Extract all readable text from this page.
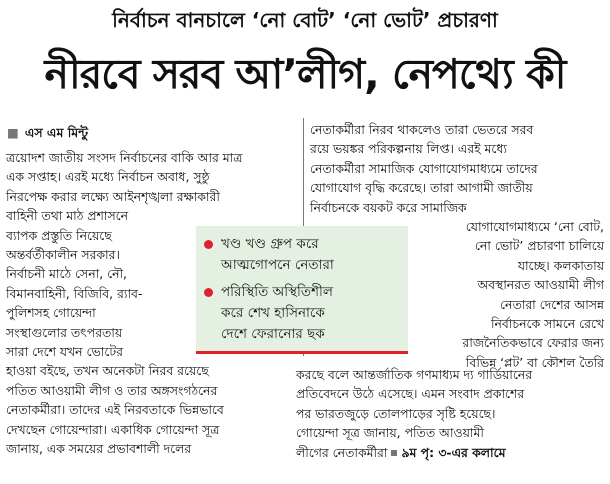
নির্বাচন বানচালে ‘নো বোট’ ‘নো ভোট’ প্রচারণা
নীরবে সরব আ’লীগ, নেপথ্যে কী
■ এস এম মিন্টু

ত্রয়োদশ জাতীয় সংসদ নির্বাচনের বাকি আর মাত্র

এক সপ্তাহ। এরই মধ্যে নির্বাচন অবাধ, সুষ্ঠু

নিরপেক্ষ করার লক্ষ্যে আইনশৃঙ্খলা রক্ষাকারী

বাহিনী তথা মাঠ প্রশাসনে

ব্যাপক প্রস্তুতি নিয়েছে

অন্তর্বর্তীকালীন সরকার।

নির্বাচনী মাঠে সেনা, নৌ,

বিমানবাহিনী, বিজিবি, র‍্যাব-

পুলিশসহ গোয়েন্দা

সংস্থাগুলোর তৎপরতায়

সারা দেশে যখন ভোটের

হাওয়া বইছে, তখন অনেকটা নিরব রয়েছে

পতিত আওয়ামী লীগ ও তার অঙ্গসংগঠনের

নেতাকর্মীরা। তাদের এই নিরবতাকে ভিন্নভাবে

দেখছেন গোয়েন্দারা। একাধিক গোয়েন্দা সূত্র

জানায়, এক সময়ের প্রভাবশালী দলের

নেতাকর্মীরা নিরব থাকলেও তারা ভেতরে সরব

রয়ে ভয়ঙ্কর পরিকল্পনায় লিপ্ত। এরই মধ্যে

নেতাকর্মীরা সামাজিক যোগাযোগমাধ্যমে তাদের

যোগাযোগ বৃদ্ধি করেছে। তারা আগামী জাতীয়

নির্বাচনকে বয়কট করে সামাজিক

যোগাযোগমাধ্যমে ‘নো বোট,

নো ভোট’ প্রচারণা চালিয়ে

যাচ্ছে। কলকাতায়

অবস্থানরত আওয়ামী লীগ

নেতারা দেশের আসন্ন

নির্বাচনকে সামনে রেখে

রাজনৈতিকভাবে ফেরার জন্য

বিভিন্ন ‘প্লট’ বা কৌশল তৈরি

করছে বলে আন্তর্জাতিক গণমাধ্যম দ্য গার্ডিয়ানের

প্রতিবেদনে উঠে এসেছে। এমন সংবাদ প্রকাশের

পর ভারতজুড়ে তোলপাড়ের সৃষ্টি হয়েছে।

গোয়েন্দা সূত্র জানায়, পতিত আওয়ামী

লীগের নেতাকর্মীরা ৯ম পৃ: ৩-এর কলামে

খণ্ড খণ্ড গ্রুপ করে
আত্মগোপনে নেতারা
পরিস্থিতি অস্থিতিশীল
করে শেখ হাসিনাকে
দেশে ফেরানোর ছক
